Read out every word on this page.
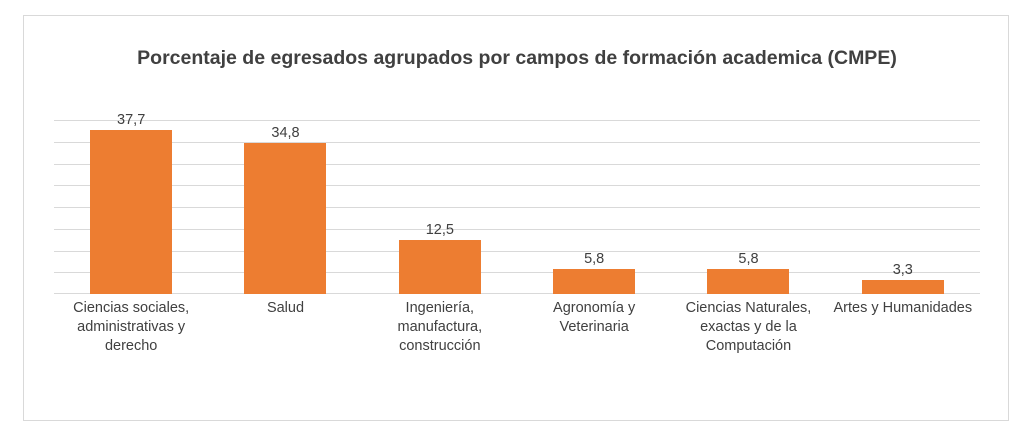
Porcentaje de egresados agrupados por campos de formación academica (CMPE)
37,7
34,8
12,5
5,8	5,8
3,3
Ciencias sociales, administrativas y derecho
Salud	Ingeniería, manufactura, construcción
Agronomía y Veterinaria
Ciencias Naturales, exactas y de la Computación
Artes y Humanidades
